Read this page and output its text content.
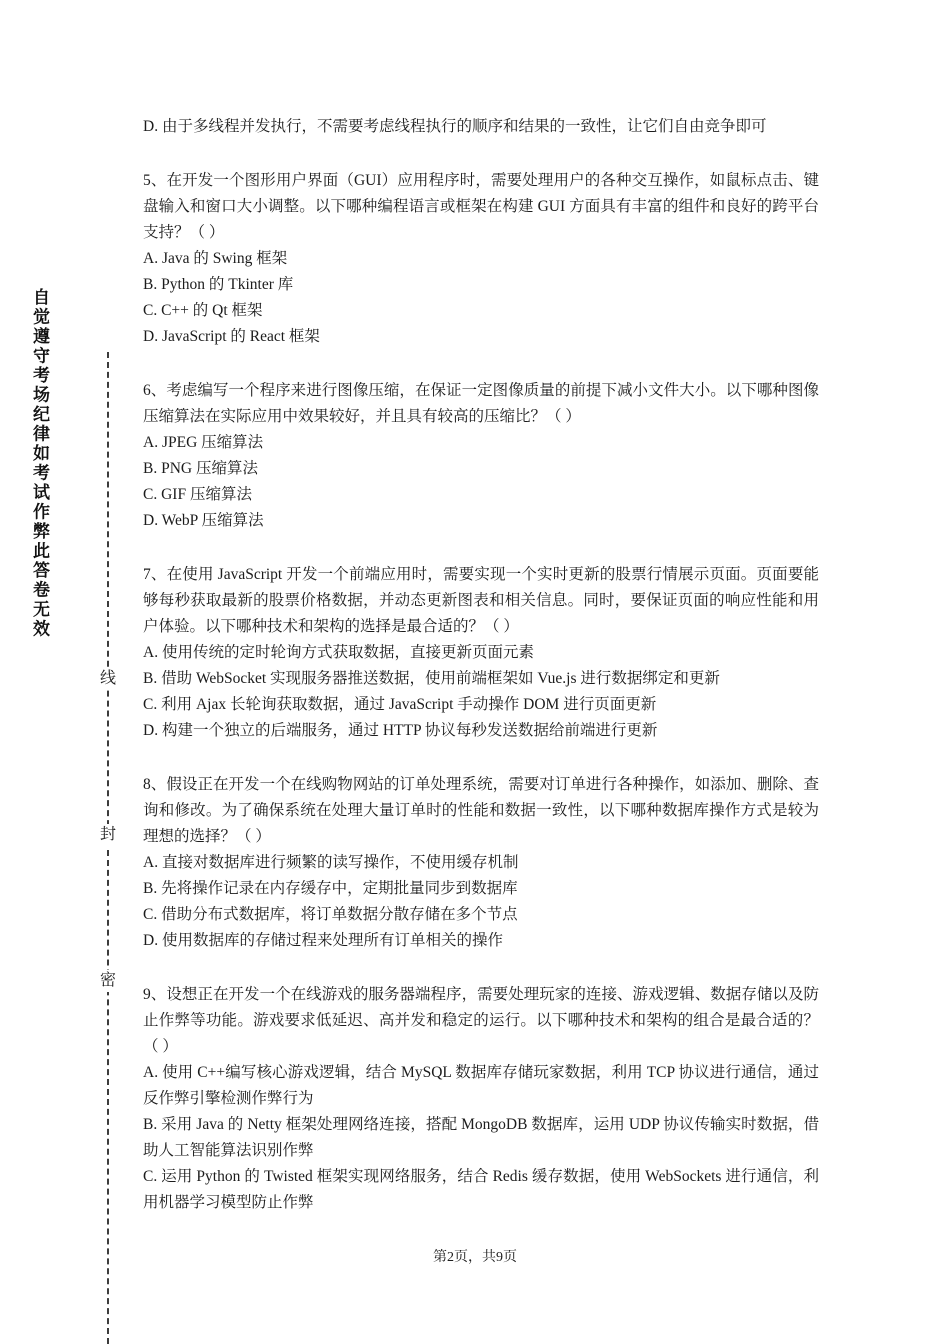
自觉遵守考场纪律如考试作弊此答卷无效
线
封
密

D. 由于多线程并发执行，不需要考虑线程执行的顺序和结果的一致性，让它们自由竞争即可

5、在开发一个图形用户界面（GUI）应用程序时，需要处理用户的各种交互操作，如鼠标点击、键盘输入和窗口大小调整。以下哪种编程语言或框架在构建 GUI 方面具有丰富的组件和良好的跨平台支持？（ ）

A. Java 的 Swing 框架

B. Python 的 Tkinter 库

C. C++ 的 Qt 框架

D. JavaScript 的 React 框架

6、考虑编写一个程序来进行图像压缩，在保证一定图像质量的前提下减小文件大小。以下哪种图像压缩算法在实际应用中效果较好，并且具有较高的压缩比？（ ）

A. JPEG 压缩算法

B. PNG 压缩算法

C. GIF 压缩算法

D. WebP 压缩算法

7、在使用 JavaScript 开发一个前端应用时，需要实现一个实时更新的股票行情展示页面。页面要能够每秒获取最新的股票价格数据，并动态更新图表和相关信息。同时，要保证页面的响应性能和用户体验。以下哪种技术和架构的选择是最合适的？（ ）

A. 使用传统的定时轮询方式获取数据，直接更新页面元素

B. 借助 WebSocket 实现服务器推送数据，使用前端框架如 Vue.js 进行数据绑定和更新

C. 利用 Ajax 长轮询获取数据，通过 JavaScript 手动操作 DOM 进行页面更新

D. 构建一个独立的后端服务，通过 HTTP 协议每秒发送数据给前端进行更新

8、假设正在开发一个在线购物网站的订单处理系统，需要对订单进行各种操作，如添加、删除、查询和修改。为了确保系统在处理大量订单时的性能和数据一致性，以下哪种数据库操作方式是较为理想的选择？（ ）

A. 直接对数据库进行频繁的读写操作，不使用缓存机制

B. 先将操作记录在内存缓存中，定期批量同步到数据库

C. 借助分布式数据库，将订单数据分散存储在多个节点

D. 使用数据库的存储过程来处理所有订单相关的操作

9、设想正在开发一个在线游戏的服务器端程序，需要处理玩家的连接、游戏逻辑、数据存储以及防止作弊等功能。游戏要求低延迟、高并发和稳定的运行。以下哪种技术和架构的组合是最合适的？（ ）

A. 使用 C++编写核心游戏逻辑，结合 MySQL 数据库存储玩家数据，利用 TCP 协议进行通信，通过反作弊引擎检测作弊行为

B. 采用 Java 的 Netty 框架处理网络连接，搭配 MongoDB 数据库，运用 UDP 协议传输实时数据，借助人工智能算法识别作弊

C. 运用 Python 的 Twisted 框架实现网络服务，结合 Redis 缓存数据，使用 WebSockets 进行通信，利用机器学习模型防止作弊

第2页，共9页
